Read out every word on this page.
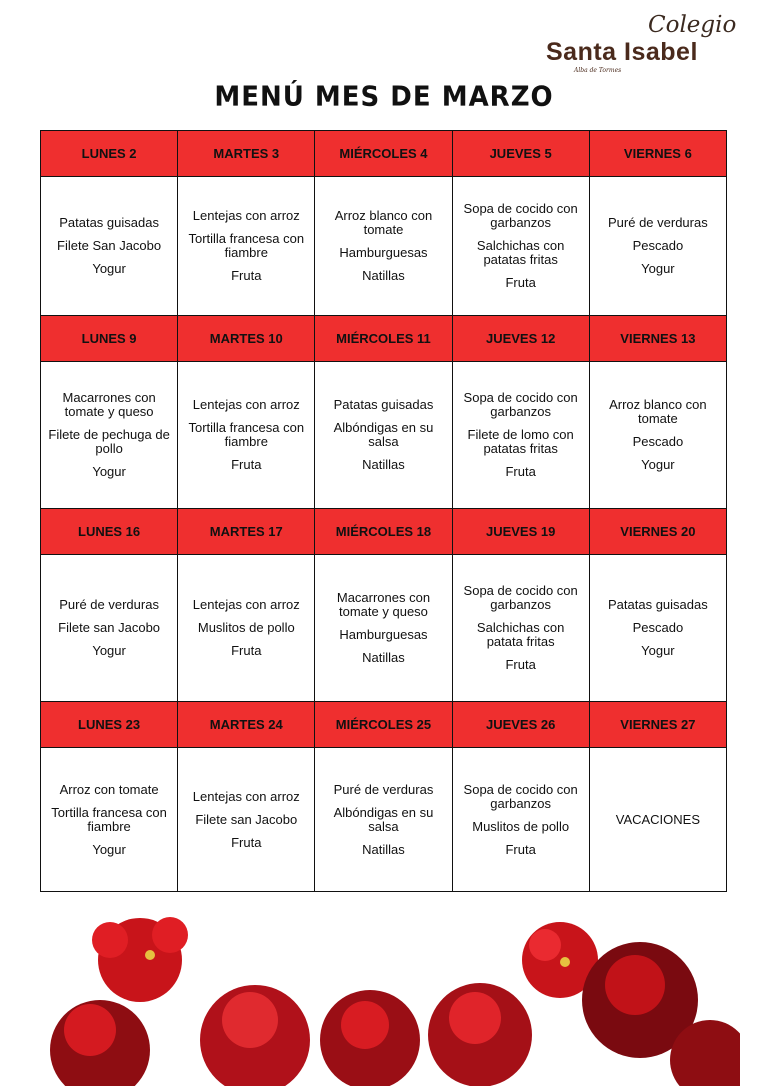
Colegio
Santa Isabel
Alba de Tormes
MENÚ MES DE MARZO
LUNES 2	MARTES 3	MIÉRCOLES 4	JUEVES 5	VIERNES 6

Patatas guisadas
Filete San Jacobo
Yogur	Lentejas con arroz
Tortilla francesa con fiambre
Fruta	Arroz blanco con tomate
Hamburguesas
Natillas	Sopa de cocido con garbanzos
Salchichas con patatas fritas
Fruta	Puré de verduras
Pescado
Yogur

LUNES 9	MARTES 10	MIÉRCOLES 11	JUEVES 12	VIERNES 13

Macarrones con tomate y queso
Filete de pechuga de pollo
Yogur	Lentejas con arroz
Tortilla francesa con fiambre
Fruta	Patatas guisadas
Albóndigas en su salsa
Natillas	Sopa de cocido con garbanzos
Filete de lomo con patatas fritas
Fruta	Arroz blanco con tomate
Pescado
Yogur

LUNES 16	MARTES 17	MIÉRCOLES 18	JUEVES 19	VIERNES 20

Puré de verduras
Filete san Jacobo
Yogur	Lentejas con arroz
Muslitos de pollo
Fruta	Macarrones con tomate y queso
Hamburguesas
Natillas	Sopa de cocido con garbanzos
Salchichas con patata fritas
Fruta	Patatas guisadas
Pescado
Yogur

LUNES 23	MARTES 24	MIÉRCOLES 25	JUEVES 26	VIERNES 27

Arroz con tomate
Tortilla francesa con fiambre
Yogur	Lentejas con arroz
Filete san Jacobo
Fruta	Puré de verduras
Albóndigas en su salsa
Natillas	Sopa de cocido con garbanzos
Muslitos de pollo
Fruta	VACACIONES
